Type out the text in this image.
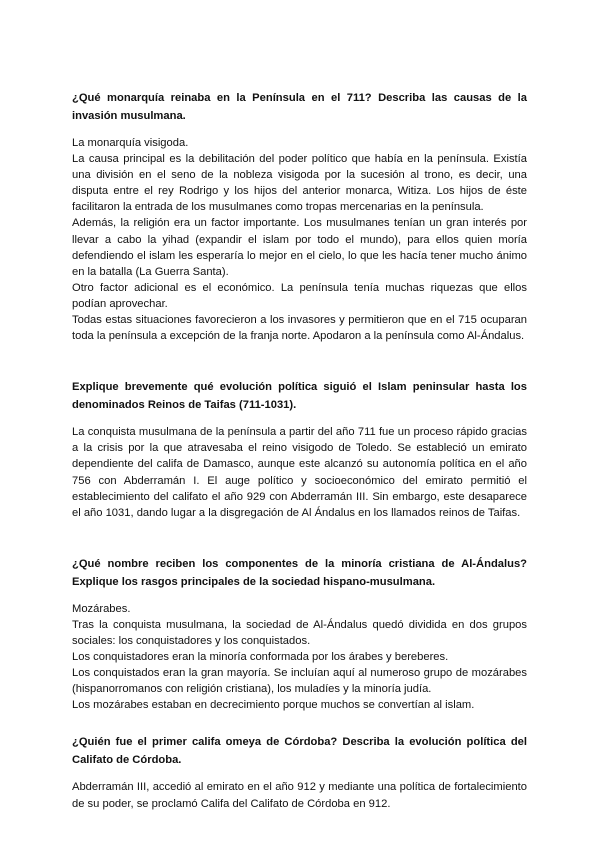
¿Qué monarquía reinaba en la Península en el 711? Describa las causas de la invasión musulmana.

La monarquía visigoda.

La causa principal es la debilitación del poder político que había en la península. Existía una división en el seno de la nobleza visigoda por la sucesión al trono, es decir, una disputa entre el rey Rodrigo y los hijos del anterior monarca, Witiza. Los hijos de éste facilitaron la entrada de los musulmanes como tropas mercenarias en la península.

Además, la religión era un factor importante. Los musulmanes tenían un gran interés por llevar a cabo la yihad (expandir el islam por todo el mundo), para ellos quien moría defendiendo el islam les esperaría lo mejor en el cielo, lo que les hacía tener mucho ánimo en la batalla (La Guerra Santa).

Otro factor adicional es el económico. La península tenía muchas riquezas que ellos podían aprovechar.

Todas estas situaciones favorecieron a los invasores y permitieron que en el 715 ocuparan toda la península a excepción de la franja norte. Apodaron a la península como Al-Ándalus.

Explique brevemente qué evolución política siguió el Islam peninsular hasta los denominados Reinos de Taifas (711-1031).

La conquista musulmana de la península a partir del año 711 fue un proceso rápido gracias a la crisis por la que atravesaba el reino visigodo de Toledo. Se estableció un emirato dependiente del califa de Damasco, aunque este alcanzó su autonomía política en el año 756 con Abderramán I. El auge político y socioeconómico del emirato permitió el establecimiento del califato el año 929 con Abderramán III. Sin embargo, este desaparece el año 1031, dando lugar a la disgregación de Al Ándalus en los llamados reinos de Taifas.

¿Qué nombre reciben los componentes de la minoría cristiana de Al-Ándalus? Explique los rasgos principales de la sociedad hispano-musulmana.

Mozárabes.

Tras la conquista musulmana, la sociedad de Al-Ándalus quedó dividida en dos grupos sociales: los conquistadores y los conquistados.

Los conquistadores eran la minoría conformada por los árabes y bereberes.

Los conquistados eran la gran mayoría. Se incluían aquí al numeroso grupo de mozárabes (hispanorromanos con religión cristiana), los muladíes y la minoría judía.

Los mozárabes estaban en decrecimiento porque muchos se convertían al islam.

¿Quién fue el primer califa omeya de Córdoba? Describa la evolución política del Califato de Córdoba.

Abderramán III, accedió al emirato en el año 912 y mediante una política de fortalecimiento de su poder, se proclamó Califa del Califato de Córdoba en 912.
